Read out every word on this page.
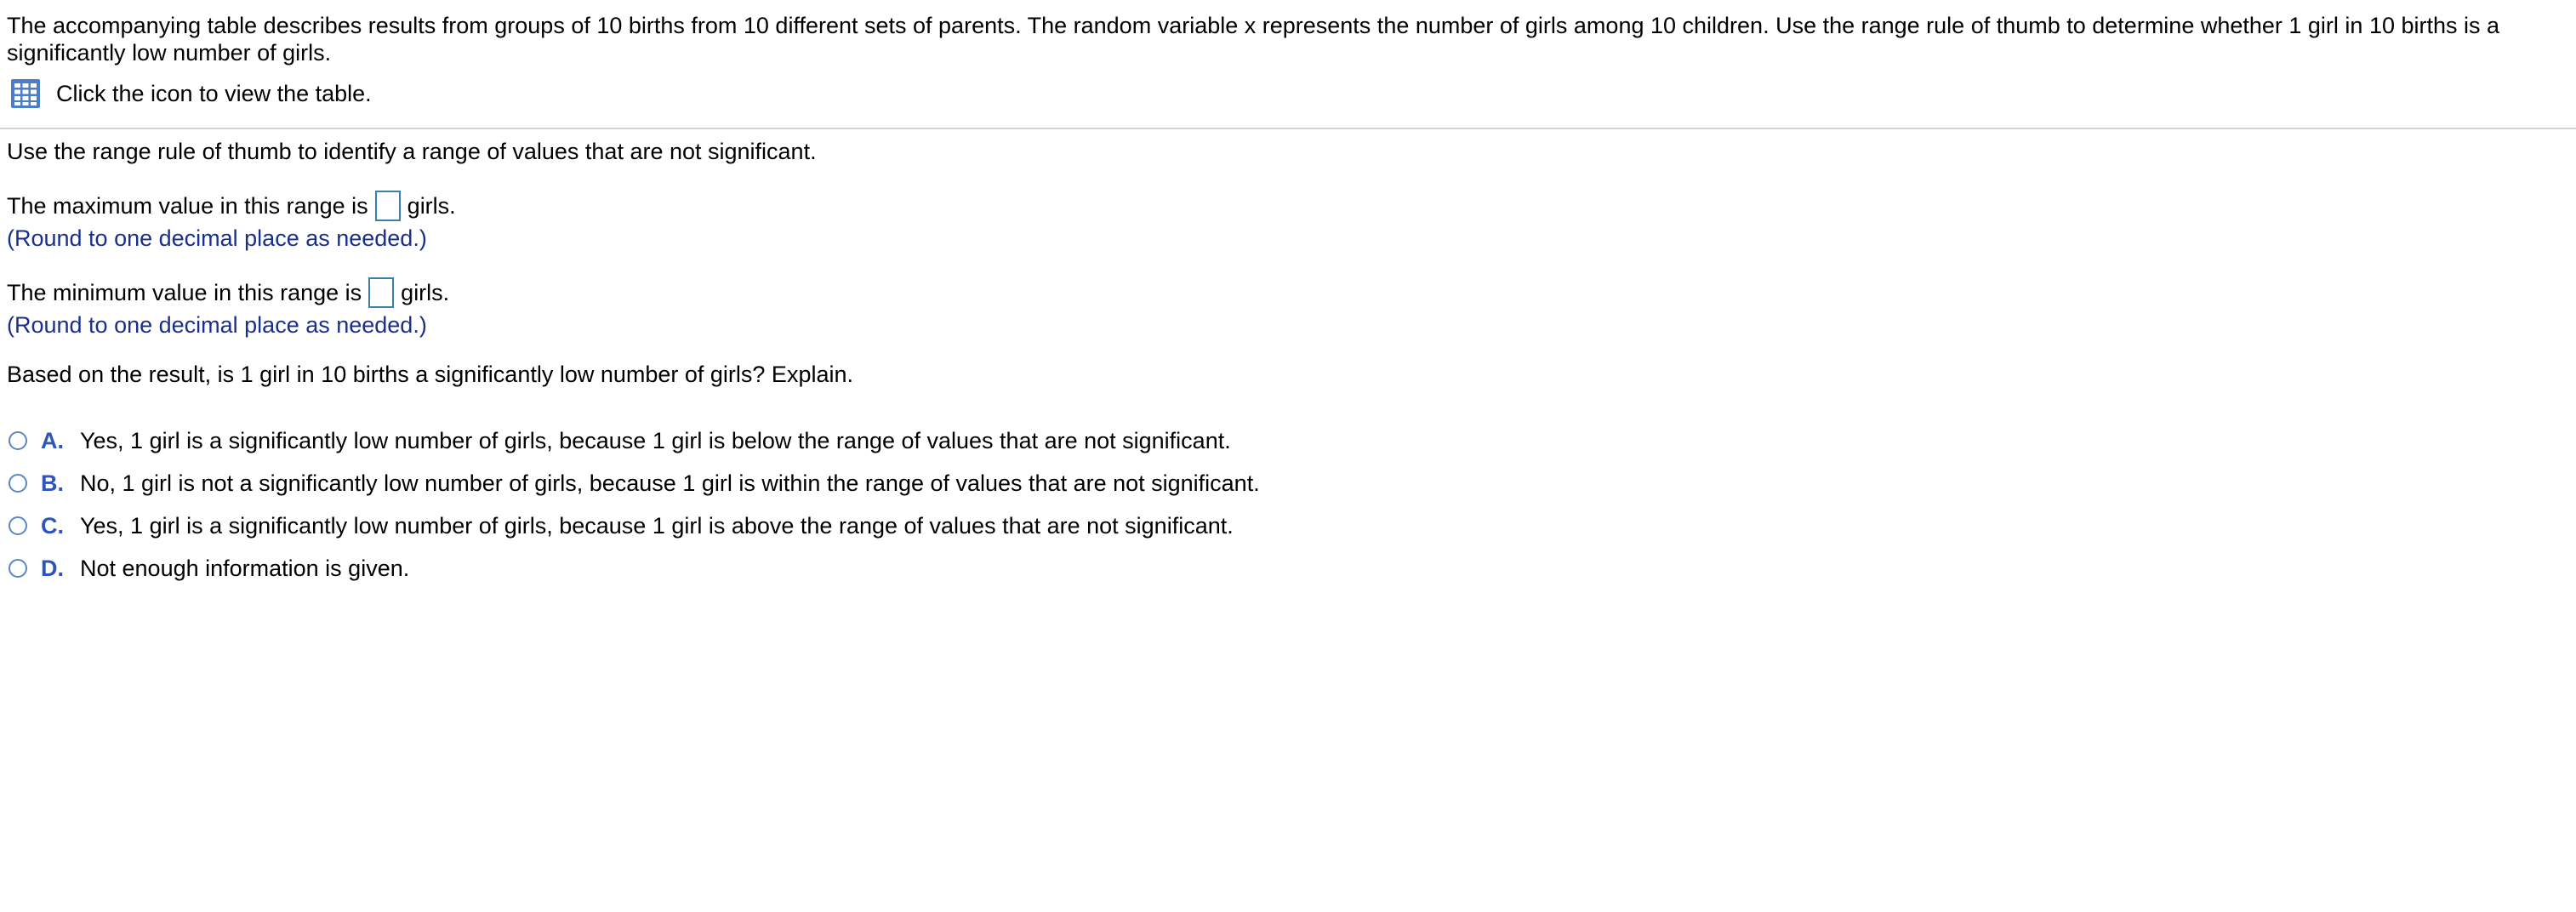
The accompanying table describes results from groups of 10 births from 10 different sets of parents. The random variable x represents the number of girls among 10 children. Use the range rule of thumb to determine whether 1 girl in 10 births is a significantly low number of girls.
Click the icon to view the table.
Use the range rule of thumb to identify a range of values that are not significant.
The maximum value in this range is girls.
(Round to one decimal place as needed.)
The minimum value in this range is girls.
(Round to one decimal place as needed.)
Based on the result, is 1 girl in 10 births a significantly low number of girls? Explain.
A. Yes, 1 girl is a significantly low number of girls, because 1 girl is below the range of values that are not significant.
B. No, 1 girl is not a significantly low number of girls, because 1 girl is within the range of values that are not significant.
C. Yes, 1 girl is a significantly low number of girls, because 1 girl is above the range of values that are not significant.
D. Not enough information is given.
